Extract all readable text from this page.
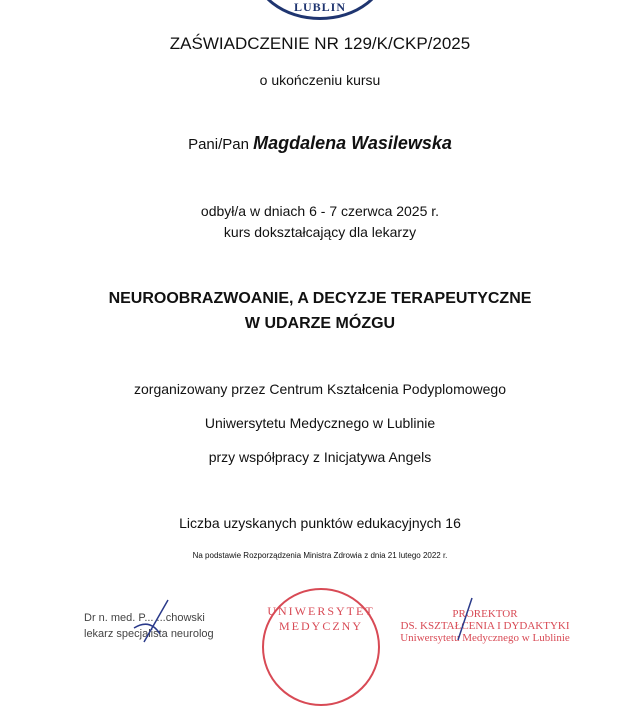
LUBLIN
ZAŚWIADCZENIE NR 129/K/CKP/2025
o ukończeniu kursu
Pani/Pan Magdalena Wasilewska
odbył/a w dniach 6 - 7 czerwca 2025 r.
kurs dokształcający dla lekarzy
NEUROOBRAZWOANIE, A DECYZJE TERAPEUTYCZNE
W UDARZE MÓZGU
zorganizowany przez Centrum Kształcenia Podyplomowego
Uniwersytetu Medycznego w Lublinie
przy współpracy z Inicjatywa Angels
Liczba uzyskanych punktów edukacyjnych 16
Na podstawie Rozporządzenia Ministra Zdrowia z dnia 21 lutego 2022 r.
Dr n. med. P... ...chowski
lekarz specjalista neurolog
UNIWERSYTET MEDYCZNY
PROREKTOR
DS. KSZTAŁCENIA I DYDAKTYKI
Uniwersytetu Medycznego w Lublinie
